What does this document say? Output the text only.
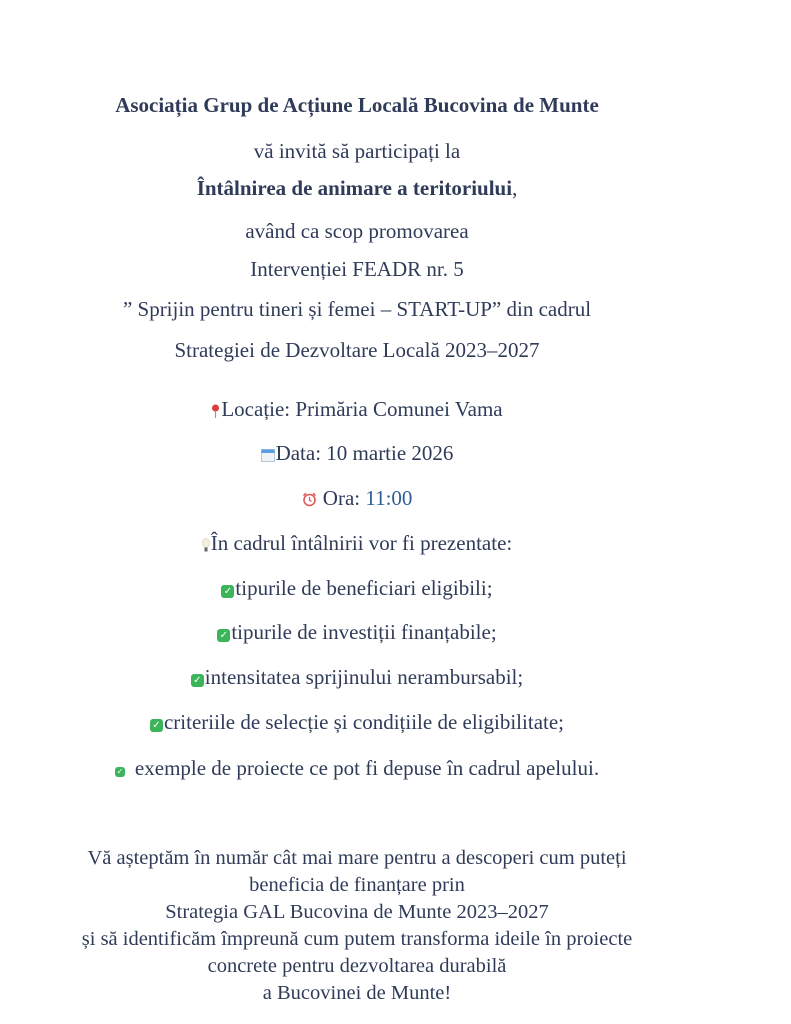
Asociația Grup de Acțiune Locală Bucovina de Munte
vă invită să participați la
Întâlnirea de animare a teritoriului,
având ca scop promovarea
Intervenției FEADR nr. 5
” Sprijin pentru tineri și femei – START-UP” din cadrul
Strategiei de Dezvoltare Locală 2023–2027
Locație: Primăria Comunei Vama
Data: 10 martie 2026
Ora: 11:00
În cadrul întâlnirii vor fi prezentate:
✓ tipurile de beneficiari eligibili;
✓ tipurile de investiții finanțabile;
✓ intensitatea sprijinului nerambursabil;
✓ criteriile de selecție și condițiile de eligibilitate;
✓ exemple de proiecte ce pot fi depuse în cadrul apelului.
Vă așteptăm în număr cât mai mare pentru a descoperi cum puteți
beneficia de finanțare prin
Strategia GAL Bucovina de Munte 2023–2027
și să identificăm împreună cum putem transforma ideile în proiecte
concrete pentru dezvoltarea durabilă
a Bucovinei de Munte!
